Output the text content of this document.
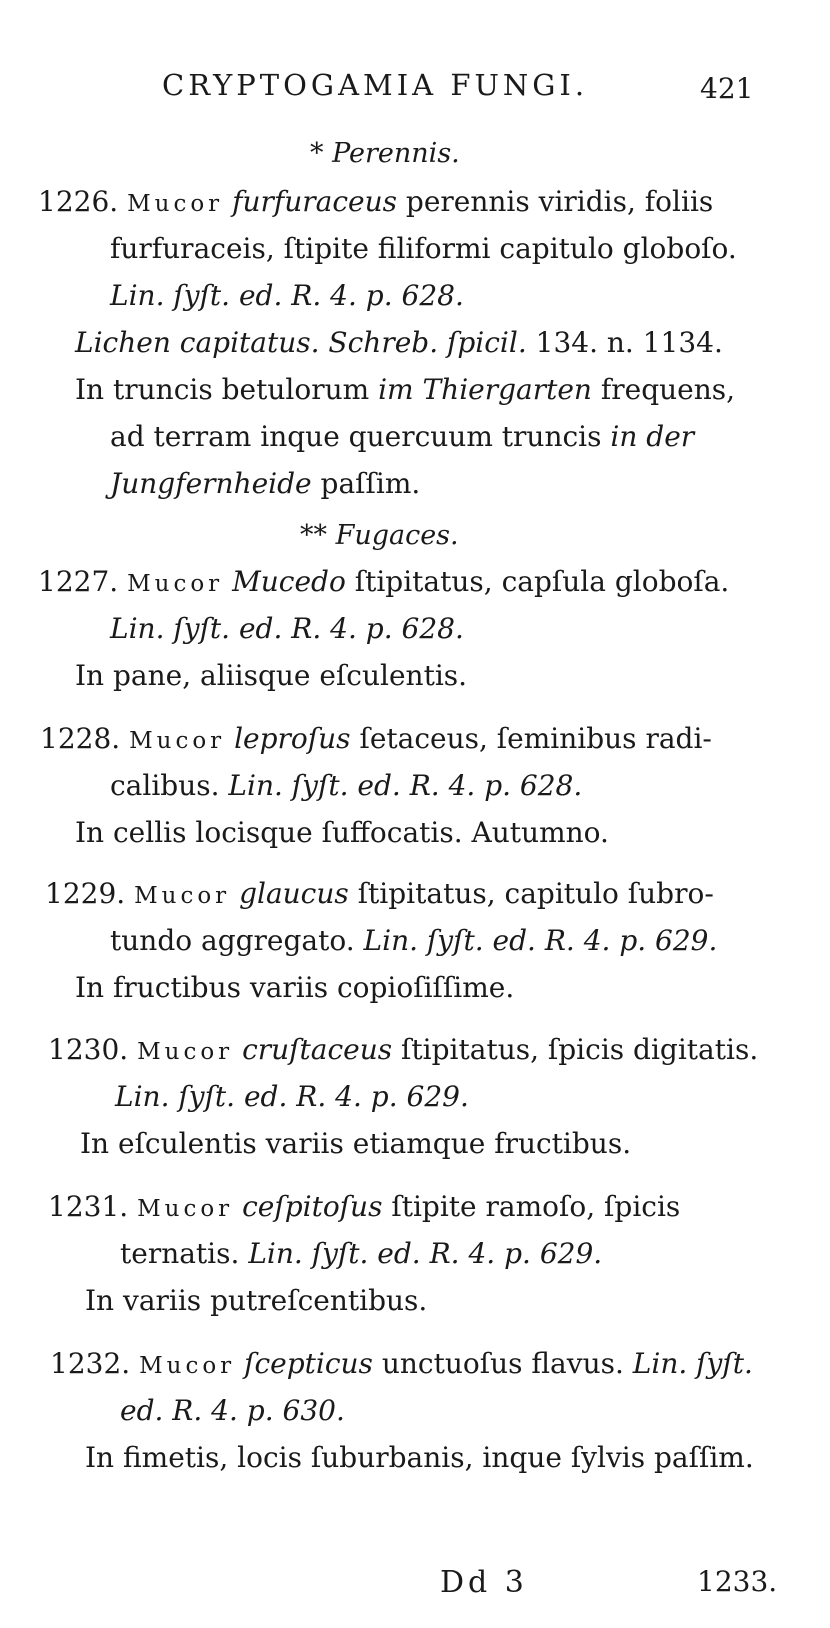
CRYPTOGAMIA FUNGI.	421
* Perennis.
1226. Mucor furfuraceus perennis viridis, foliis
furfuraceis, ſtipite filiformi capitulo globoſo.
Lin. ſyſt. ed. R. 4. p. 628.
Lichen capitatus. Schreb. ſpicil. 134. n. 1134.
In truncis betulorum im Thiergarten frequens,
ad terram inque quercuum truncis in der
Jungfernheide paſſim.
** Fugaces.
1227. Mucor Mucedo ſtipitatus, capſula globoſa.
Lin. ſyſt. ed. R. 4. p. 628.
In pane, aliisque eſculentis.
1228. Mucor leproſus ſetaceus, ſeminibus radi-
calibus. Lin. ſyſt. ed. R. 4. p. 628.
In cellis locisque ſuffocatis. Autumno.
1229. Mucor glaucus ſtipitatus, capitulo ſubro-
tundo aggregato. Lin. ſyſt. ed. R. 4. p. 629.
In fructibus variis copioſiſſime.
1230. Mucor cruſtaceus ſtipitatus, ſpicis digitatis.
Lin. ſyſt. ed. R. 4. p. 629.
In eſculentis variis etiamque fructibus.
1231. Mucor ceſpitoſus ſtipite ramoſo, ſpicis
ternatis. Lin. ſyſt. ed. R. 4. p. 629.
In variis putreſcentibus.
1232. Mucor ſcepticus unctuoſus flavus. Lin. ſyſt.
ed. R. 4. p. 630.
In fimetis, locis ſuburbanis, inque ſylvis paſſim.
Dd 3	1233.
